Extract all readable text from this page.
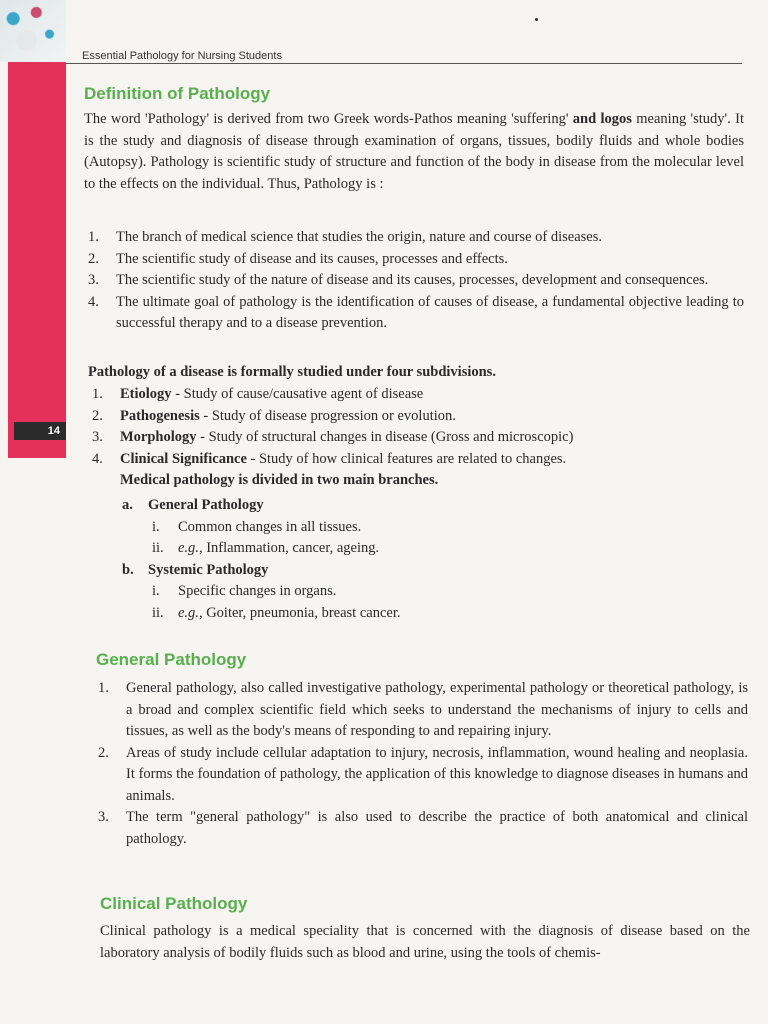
14
Essential Pathology for Nursing Students
Definition of Pathology

The word 'Pathology' is derived from two Greek words-Pathos meaning 'suffering' and logos meaning 'study'. It is the study and diagnosis of disease through examination of organs, tissues, bodily fluids and whole bodies (Autopsy). Pathology is scientific study of structure and function of the body in disease from the molecular level to the effects on the individual. Thus, Pathology is :

1.	The branch of medical science that studies the origin, nature and course of diseases.
2.	The scientific study of disease and its causes, processes and effects.
3.	The scientific study of the nature of disease and its causes, processes, development and consequences.
4.	The ultimate goal of pathology is the identification of causes of disease, a fundamental objective leading to successful therapy and to a disease prevention.

Pathology of a disease is formally studied under four subdivisions.

1.	Etiology - Study of cause/causative agent of disease
2.	Pathogenesis - Study of disease progression or evolution.
3.	Morphology - Study of structural changes in disease (Gross and microscopic)
4.	Clinical Significance - Study of how clinical features are related to changes.
Medical pathology is divided in two main branches.
a. General Pathology
i. Common changes in all tissues.
ii. e.g., Inflammation, cancer, ageing.
b. Systemic Pathology
i. Specific changes in organs.
ii. e.g., Goiter, pneumonia, breast cancer.
General Pathology
1.	General pathology, also called investigative pathology, experimental pathology or theoretical pathology, is a broad and complex scientific field which seeks to understand the mechanisms of injury to cells and tissues, as well as the body's means of responding to and repairing injury.
2.	Areas of study include cellular adaptation to injury, necrosis, inflammation, wound healing and neoplasia. It forms the foundation of pathology, the application of this knowledge to diagnose diseases in humans and animals.
3.	The term "general pathology" is also used to describe the practice of both anatomical and clinical pathology.
Clinical Pathology

Clinical pathology is a medical speciality that is concerned with the diagnosis of disease based on the laboratory analysis of bodily fluids such as blood and urine, using the tools of chemis-
